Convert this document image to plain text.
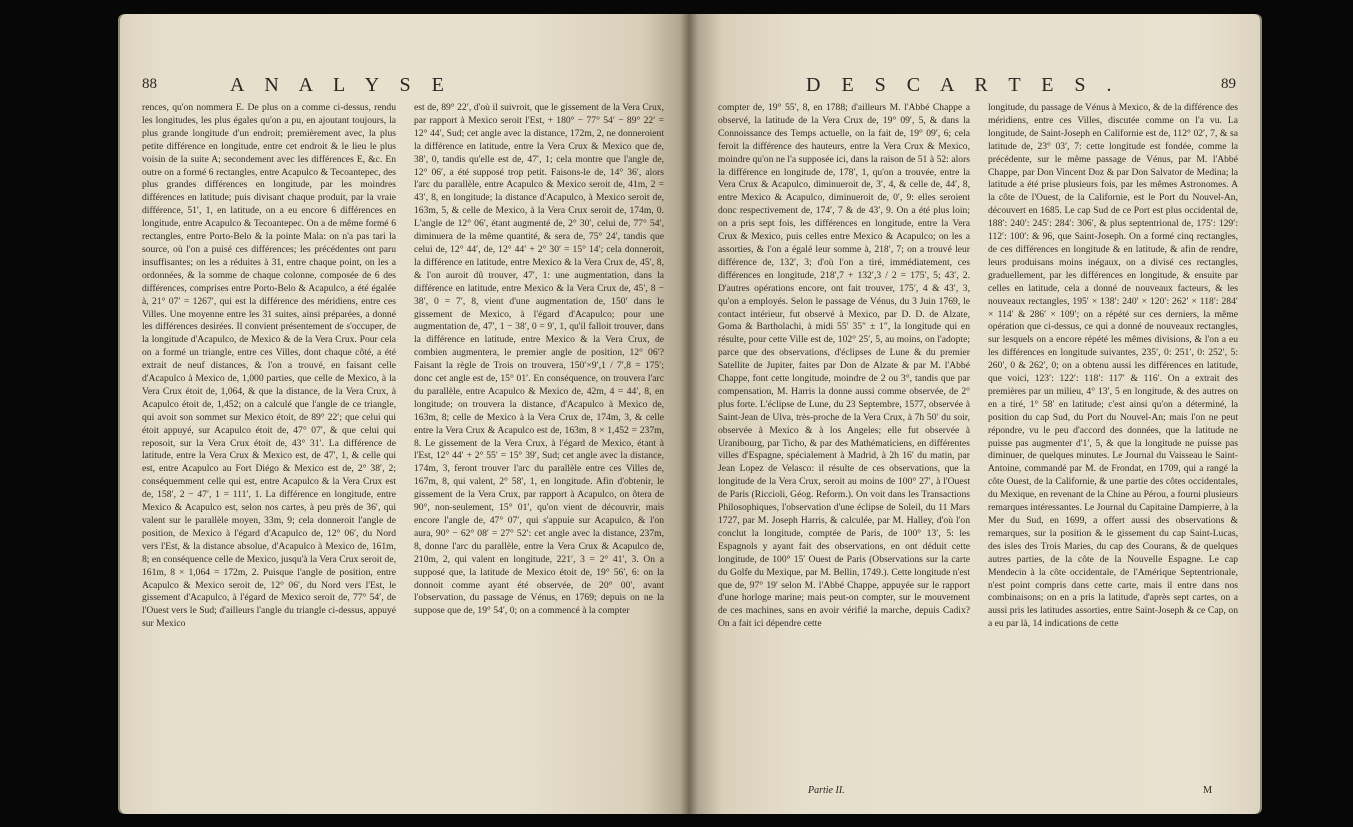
88	A N A L Y S E

rences, qu'on nommera E. De plus on a comme ci-dessus, rendu les longitudes, les plus égales qu'on a pu, en ajoutant toujours, la plus grande longitude d'un endroit; premièrement avec, la plus petite différence en longitude, entre cet endroit & le lieu le plus voisin de la suite A; secondement avec les différences E, &c. En outre on a formé 6 rectangles, entre Acapulco & Tecoantepec, des plus grandes différences en longitude, par les moindres différences en latitude; puis divisant chaque produit, par la vraie différence, 51′, 1, en latitude, on a eu encore 6 différences en longitude, entre Acapulco & Tecoantepec. On a de même formé 6 rectangles, entre Porto-Belo & la pointe Mala: on n'a pas tari la source, où l'on a puisé ces différences; les précédentes ont paru insuffisantes; on les a réduites à 31, entre chaque point, on les a ordonnées, & la somme de chaque colonne, composée de 6 des différences, comprises entre Porto-Belo & Acapulco, a été égalée à, 21° 07′ = 1267′, qui est la différence des méridiens, entre ces Villes. Une moyenne entre les 31 suites, ainsi préparées, a donné les différences desirées. Il convient présentement de s'occuper, de la longitude d'Acapulco, de Mexico & de la Vera Crux. Pour cela on a formé un triangle, entre ces Villes, dont chaque côté, a été extrait de neuf distances, & l'on a trouvé, en faisant celle d'Acapulco à Mexico de, 1,000 parties, que celle de Mexico, à la Vera Crux étoit de, 1,064, & que la distance, de la Vera Crux, à Acapulco étoit de, 1,452; on a calculé que l'angle de ce triangle, qui avoit son sommet sur Mexico étoit, de 89° 22′; que celui qui étoit appuyé, sur Acapulco étoit de, 47° 07′, & que celui qui reposoit, sur la Vera Crux étoit de, 43° 31′. La différence de latitude, entre la Vera Crux & Mexico est, de 47′, 1, & celle qui est, entre Acapulco au Fort Diégo & Mexico est de, 2° 38′, 2; conséquemment celle qui est, entre Acapulco & la Vera Crux est de, 158′, 2 − 47′, 1 = 111′, 1. La différence en longitude, entre Mexico & Acapulco est, selon nos cartes, à peu près de 36′, qui valent sur le parallèle moyen, 33m, 9; cela donneroit l'angle de position, de Mexico à l'égard d'Acapulco de, 12° 06′, du Nord vers l'Est, & la distance absolue, d'Acapulco à Mexico de, 161m, 8; en conséquence celle de Mexico, jusqu'à la Vera Crux seroit de, 161m, 8 × 1,064 = 172m, 2. Puisque l'angle de position, entre Acapulco & Mexico seroit de, 12° 06′, du Nord vers l'Est, le gissement d'Acapulco, à l'égard de Mexico seroit de, 77° 54′, de l'Ouest vers le Sud; d'ailleurs l'angle du triangle ci-dessus, appuyé sur Mexico

est de, 89° 22′, d'où il suivroit, que le gissement de la Vera Crux, par rapport à Mexico seroit l'Est, + 180° − 77° 54′ − 89° 22′ = 12° 44′, Sud; cet angle avec la distance, 172m, 2, ne donneroient la différence en latitude, entre la Vera Crux & Mexico que de, 38′, 0, tandis qu'elle est de, 47′, 1; cela montre que l'angle de, 12° 06′, a été supposé trop petit. Faisons-le de, 14° 36′, alors l'arc du parallèle, entre Acapulco & Mexico seroit de, 41m, 2 = 43′, 8, en longitude; la distance d'Acapulco, à Mexico seroit de, 163m, 5, & celle de Mexico, à la Vera Crux seroit de, 174m, 0. L'angle de 12° 06′, étant augmenté de, 2° 30′, celui de, 77° 54′, diminuera de la même quantité, & sera de, 75° 24′, tandis que celui de, 12° 44′, de, 12° 44′ + 2° 30′ = 15° 14′; cela donneroit, la différence en latitude, entre Mexico & la Vera Crux de, 45′, 8, & l'on auroit dû trouver, 47′, 1: une augmentation, dans la différence en latitude, entre Mexico & la Vera Crux de, 45′, 8 − 38′, 0 = 7′, 8, vient d'une augmentation de, 150′ dans le gissement de Mexico, à l'égard d'Acapulco; pour une augmentation de, 47′, 1 − 38′, 0 = 9′, 1, qu'il falloit trouver, dans la différence en latitude, entre Mexico & la Vera Crux, de combien augmentera, le premier angle de position, 12° 06′? Faisant la règle de Trois on trouvera, 150′×9′,1 / 7′,8 = 175′; donc cet angle est de, 15° 01′. En conséquence, on trouvera l'arc du parallèle, entre Acapulco & Mexico de, 42m, 4 = 44′, 8, en longitude; on trouvera la distance, d'Acapulco à Mexico de, 163m, 8; celle de Mexico à la Vera Crux de, 174m, 3, & celle entre la Vera Crux & Acapulco est de, 163m, 8 × 1,452 = 237m, 8. Le gissement de la Vera Crux, à l'égard de Mexico, étant à l'Est, 12° 44′ + 2° 55′ = 15° 39′, Sud; cet angle avec la distance, 174m, 3, feront trouver l'arc du parallèle entre ces Villes de, 167m, 8, qui valent, 2° 58′, 1, en longitude. Afin d'obtenir, le gissement de la Vera Crux, par rapport à Acapulco, on ôtera de 90°, non-seulement, 15° 01′, qu'on vient de découvrir, mais encore l'angle de, 47° 07′, qui s'appuie sur Acapulco, & l'on aura, 90° − 62° 08′ = 27° 52′: cet angle avec la distance, 237m, 8, donne l'arc du parallèle, entre la Vera Crux & Acapulco de, 210m, 2, qui valent en longitude, 221′, 3 = 2° 41′, 3. On a supposé que, la latitude de Mexico étoit de, 19° 56′, 6: on la donnoit comme ayant été observée, de 20° 00′, avant l'observation, du passage de Vénus, en 1769; depuis on ne la suppose que de, 19° 54′, 0; on a commencé à la compter

D E S C A R T E S .	89

compter de, 19° 55′, 8, en 1788; d'ailleurs M. l'Abbé Chappe a observé, la latitude de la Vera Crux de, 19° 09′, 5, & dans la Connoissance des Temps actuelle, on la fait de, 19° 09′, 6; cela feroit la différence des hauteurs, entre la Vera Crux & Mexico, moindre qu'on ne l'a supposée ici, dans la raison de 51 à 52: alors la différence en longitude de, 178′, 1, qu'on a trouvée, entre la Vera Crux & Acapulco, diminueroit de, 3′, 4, & celle de, 44′, 8, entre Mexico & Acapulco, diminueroit de, 0′, 9: elles seroient donc respectivement de, 174′, 7 & de 43′, 9. On a été plus loin; on a pris sept fois, les différences en longitude, entre la Vera Crux & Mexico, puis celles entre Mexico & Acapulco; on les a assorties, & l'on a égalé leur somme à, 218′, 7; on a trouvé leur différence de, 132′, 3; d'où l'on a tiré, immédiatement, ces différences en longitude, 218′,7 + 132′,3 / 2 = 175′, 5; 43′, 2. D'autres opérations encore, ont fait trouver, 175′, 4 & 43′, 3, qu'on a employés. Selon le passage de Vénus, du 3 Juin 1769, le contact intérieur, fut observé à Mexico, par D. D. de Alzate, Goma & Bartholachi, à midi 55′ 35″ ± 1″, la longitude qui en résulte, pour cette Ville est de, 102° 25′, 5, au moins, on l'adopte; parce que des observations, d'éclipses de Lune & du premier Satellite de Jupiter, faites par Don de Alzate & par M. l'Abbé Chappe, font cette longitude, moindre de 2 ou 3°, tandis que par compensation, M. Harris la donne aussi comme observée, de 2° plus forte. L'éclipse de Lune, du 23 Septembre, 1577, observée à Saint-Jean de Ulva, très-proche de la Vera Crux, à 7h 50′ du soir, observée à Mexico & à los Angeles; elle fut observée à Uranibourg, par Ticho, & par des Mathématiciens, en différentes villes d'Espagne, spécialement à Madrid, à 2h 16′ du matin, par Jean Lopez de Velasco: il résulte de ces observations, que la longitude de la Vera Crux, seroit au moins de 100° 27′, à l'Ouest de Paris (Riccioli, Géog. Reform.). On voit dans les Transactions Philosophiques, l'observation d'une éclipse de Soleil, du 11 Mars 1727, par M. Joseph Harris, & calculée, par M. Halley, d'où l'on conclut la longitude, comptée de Paris, de 100° 13′, 5: les Espagnols y ayant fait des observations, en ont déduit cette longitude, de 100° 15′ Ouest de Paris (Observations sur la carte du Golfe du Mexique, par M. Bellin, 1749.). Cette longitude n'est que de, 97° 19′ selon M. l'Abbé Chappe, appuyée sur le rapport d'une horloge marine; mais peut-on compter, sur le mouvement de ces machines, sans en avoir vérifié la marche, depuis Cadix? On a fait ici dépendre cette

longitude, du passage de Vénus à Mexico, & de la différence des méridiens, entre ces Villes, discutée comme on l'a vu. La longitude, de Saint-Joseph en Californie est de, 112° 02′, 7, & sa latitude de, 23° 03′, 7: cette longitude est fondée, comme la précédente, sur le même passage de Vénus, par M. l'Abbé Chappe, par Don Vincent Doz & par Don Salvator de Medina; la latitude a été prise plusieurs fois, par les mêmes Astronomes. A la côte de l'Ouest, de la Californie, est le Port du Nouvel-An, découvert en 1685. Le cap Sud de ce Port est plus occidental de, 188′: 240′: 245′: 284′: 306′, & plus septentrional de, 175′: 129′: 112′: 100′: & 96, que Saint-Joseph. On a formé cinq rectangles, de ces différences en longitude & en latitude, & afin de rendre, leurs produisans moins inégaux, on a divisé ces rectangles, graduellement, par les différences en longitude, & ensuite par celles en latitude, cela a donné de nouveaux facteurs, & les nouveaux rectangles, 195′ × 138′: 240′ × 120′: 262′ × 118′: 284′ × 114′ & 286′ × 109′; on a répété sur ces derniers, la même opération que ci-dessus, ce qui a donné de nouveaux rectangles, sur lesquels on a encore répété les mêmes divisions, & l'on a eu les différences en longitude suivantes, 235′, 0: 251′, 0: 252′, 5: 260′, 0 & 262′, 0; on a obtenu aussi les différences en latitude, que voici, 123′: 122′: 118′: 117′ & 116′. On a extrait des premières par un milieu, 4° 13′, 5 en longitude, & des autres on en a tiré, 1° 58′ en latitude; c'est ainsi qu'on a déterminé, la position du cap Sud, du Port du Nouvel-An; mais l'on ne peut répondre, vu le peu d'accord des données, que la latitude ne puisse pas augmenter d'1′, 5, & que la longitude ne puisse pas diminuer, de quelques minutes. Le Journal du Vaisseau le Saint-Antoine, commandé par M. de Frondat, en 1709, qui a rangé la côte Ouest, de la Californie, & une partie des côtes occidentales, du Mexique, en revenant de la Chine au Pérou, a fourni plusieurs remarques intéressantes. Le Journal du Capitaine Dampierre, à la Mer du Sud, en 1699, a offert aussi des observations & remarques, sur la position & le gissement du cap Saint-Lucas, des isles des Trois Maries, du cap des Courans, & de quelques autres parties, de la côte de la Nouvelle Espagne. Le cap Mendecin à la côte occidentale, de l'Amérique Septentrionale, n'est point compris dans cette carte, mais il entre dans nos combinaisons; on en a pris la latitude, d'après sept cartes, on a aussi pris les latitudes assorties, entre Saint-Joseph & ce Cap, on a eu par là, 14 indications de cette

Partie II.	M
